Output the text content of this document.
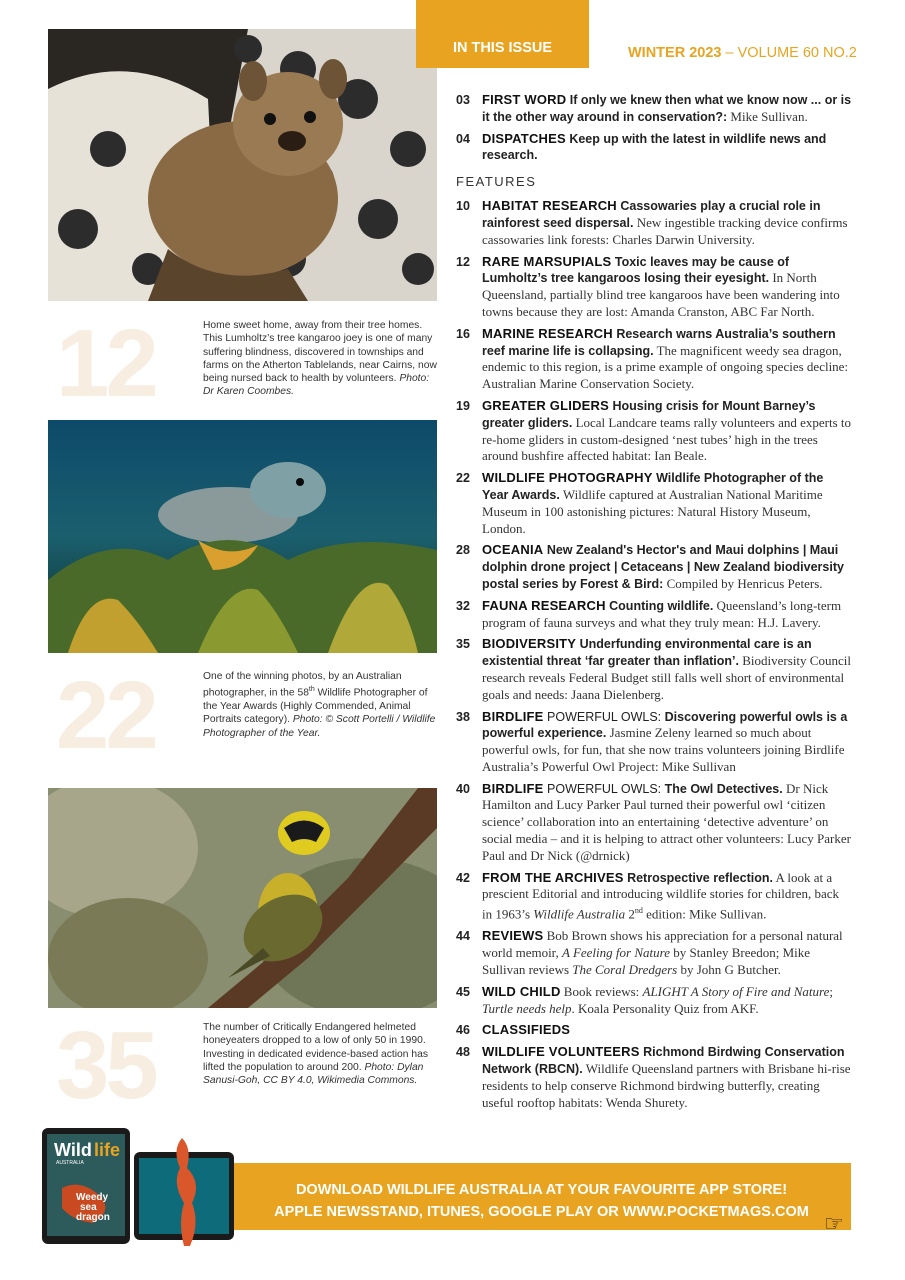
12	Home sweet home, away from their tree homes. This Lumholtz’s tree kangaroo joey is one of many suffering blindness, discovered in townships and farms on the Atherton Tablelands, near Cairns, now being nursed back to health by volunteers. Photo: Dr Karen Coombes.
22	One of the winning photos, by an Australian photographer, in the 58th Wildlife Photographer of the Year Awards (Highly Commended, Animal Portraits category). Photo: © Scott Portelli / Wildlife Photographer of the Year.
35	The number of Critically Endangered helmeted honeyeaters dropped to a low of only 50 in 1990. Investing in dedicated evidence-based action has lifted the population to around 200. Photo: Dylan Sanusi-Goh, CC BY 4.0, Wikimedia Commons.
IN THIS ISSUE	WINTER 2023 – VOLUME 60 NO.2
03 FIRST WORD If only we knew then what we know now ... or is it the other way around in conservation?: Mike Sullivan.
04 DISPATCHES Keep up with the latest in wildlife news and research.
FEATURES
10 HABITAT RESEARCH Cassowaries play a crucial role in rainforest seed dispersal. New ingestible tracking device confirms cassowaries link forests: Charles Darwin University.
12 RARE MARSUPIALS Toxic leaves may be cause of Lumholtz’s tree kangaroos losing their eyesight. In North Queensland, partially blind tree kangaroos have been wandering into towns because they are lost: Amanda Cranston, ABC Far North.
16 MARINE RESEARCH Research warns Australia’s southern reef marine life is collapsing. The magnificent weedy sea dragon, endemic to this region, is a prime example of ongoing species decline: Australian Marine Conservation Society.
19 GREATER GLIDERS Housing crisis for Mount Barney’s greater gliders. Local Landcare teams rally volunteers and experts to re-home gliders in custom-designed ‘nest tubes’ high in the trees around bushfire affected habitat: Ian Beale.
22 WILDLIFE PHOTOGRAPHY Wildlife Photographer of the Year Awards. Wildlife captured at Australian National Maritime Museum in 100 astonishing pictures: Natural History Museum, London.
28 OCEANIA New Zealand's Hector's and Maui dolphins | Maui dolphin drone project | Cetaceans | New Zealand biodiversity postal series by Forest & Bird: Compiled by Henricus Peters.
32 FAUNA RESEARCH Counting wildlife. Queensland’s long-term program of fauna surveys and what they truly mean: H.J. Lavery.
35 BIODIVERSITY Underfunding environmental care is an existential threat ‘far greater than inflation’. Biodiversity Council research reveals Federal Budget still falls well short of environmental goals and needs: Jaana Dielenberg.
38 BIRDLIFE POWERFUL OWLS: Discovering powerful owls is a powerful experience. Jasmine Zeleny learned so much about powerful owls, for fun, that she now trains volunteers joining Birdlife Australia’s Powerful Owl Project: Mike Sullivan
40 BIRDLIFE POWERFUL OWLS: The Owl Detectives. Dr Nick Hamilton and Lucy Parker Paul turned their powerful owl ‘citizen science’ collaboration into an entertaining ‘detective adventure’ on social media – and it is helping to attract other volunteers: Lucy Parker Paul and Dr Nick (@drnick)
42 FROM THE ARCHIVES Retrospective reflection. A look at a prescient Editorial and introducing wildlife stories for children, back in 1963’s Wildlife Australia 2nd edition: Mike Sullivan.
44 REVIEWS Bob Brown shows his appreciation for a personal natural world memoir, A Feeling for Nature by Stanley Breedon; Mike Sullivan reviews The Coral Dredgers by John G Butcher.
45 WILD CHILD Book reviews: ALIGHT A Story of Fire and Nature; Turtle needs help. Koala Personality Quiz from AKF.
46 CLASSIFIEDS
48 WILDLIFE VOLUNTEERS Richmond Birdwing Conservation Network (RBCN). Wildlife Queensland partners with Brisbane hi-rise residents to help conserve Richmond birdwing butterfly, creating useful rooftop habitats: Wenda Shurety.
DOWNLOAD WILDLIFE AUSTRALIA AT YOUR FAVOURITE APP STORE!
APPLE NEWSSTAND, ITUNES, GOOGLE PLAY OR WWW.POCKETMAGS.COM
Wild life
AUSTRALIA
Weedy
sea
dragon	☞
